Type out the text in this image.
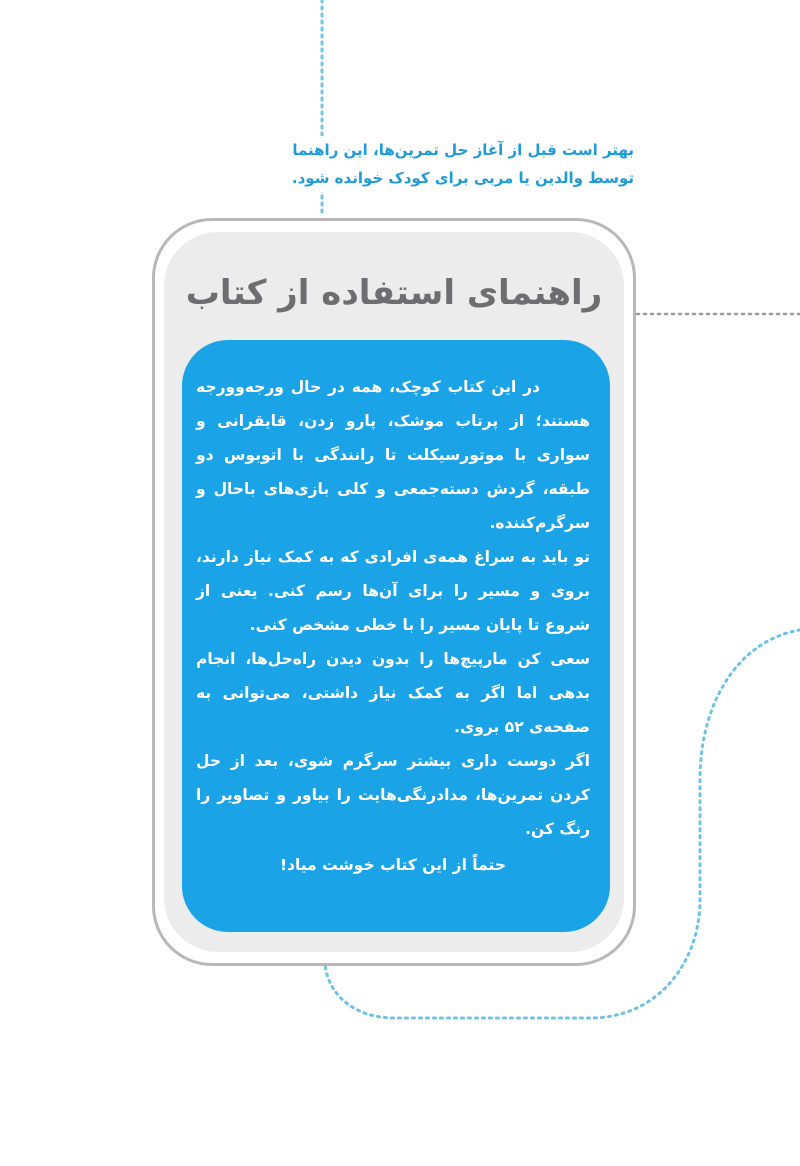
بهتر است قبل از آغاز حل تمرین‌ها، این راهنما
توسط والدین یا مربی برای کودک خوانده شود.
راهنمای استفاده از کتاب

در این کتاب کوچک، همه در حال ورجه‌وورجه هستند؛ از پرتاب موشک، پارو زدن، قایقرانی و سواری با موتورسیکلت تا رانندگی با اتوبوس دو طبقه، گردش دسته‌جمعی و کلی بازی‌های باحال و سرگرم‌کننده.

تو باید به سراغ همه‌ی افرادی که به کمک نیاز دارند، بروی و مسیر را برای آن‌ها رسم کنی. یعنی از شروع تا پایان مسیر را با خطی مشخص کنی.

سعی کن مارپیچ‌ها را بدون دیدن راه‌حل‌ها، انجام بدهی اما اگر به کمک نیاز داشتی، می‌توانی به صفحه‌ی ۵۲ بروی.

اگر دوست داری بیشتر سرگرم شوی، بعد از حل کردن تمرین‌ها، مدادرنگی‌هایت را بیاور و تصاویر را رنگ کن.

حتماً از این کتاب خوشت میاد!
